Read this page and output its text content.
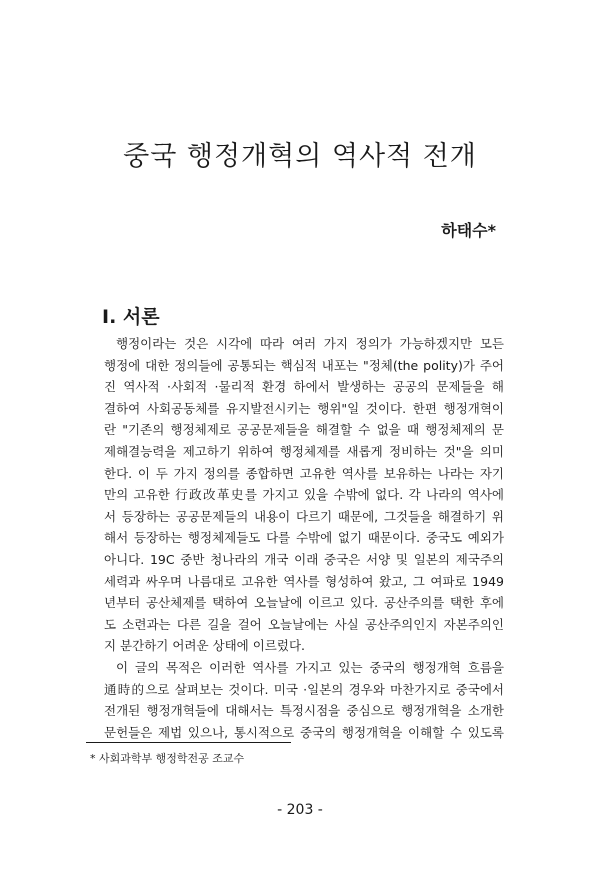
중국 행정개혁의 역사적 전개
하태수*
Ⅰ. 서론
행정이라는 것은 시각에 따라 여러 가지 정의가 가능하겠지만 모든
행정에 대한 정의들에 공통되는 핵심적 내포는 "정체(the polity)가 주어
진 역사적 ·사회적 ·물리적 환경 하에서 발생하는 공공의 문제들을 해
결하여 사회공동체를 유지발전시키는 행위"일 것이다. 한편 행정개혁이
란 "기존의 행정체제로 공공문제들을 해결할 수 없을 때 행정체제의 문
제해결능력을 제고하기 위하여 행정체제를 새롭게 정비하는 것"을 의미
한다. 이 두 가지 정의를 종합하면 고유한 역사를 보유하는 나라는 자기
만의 고유한 行政改革史를 가지고 있을 수밖에 없다. 각 나라의 역사에
서 등장하는 공공문제들의 내용이 다르기 때문에, 그것들을 해결하기 위
해서 등장하는 행정체제들도 다를 수밖에 없기 때문이다. 중국도 예외가
아니다. 19C 중반 청나라의 개국 이래 중국은 서양 및 일본의 제국주의
세력과 싸우며 나름대로 고유한 역사를 형성하여 왔고, 그 여파로 1949
년부터 공산체제를 택하여 오늘날에 이르고 있다. 공산주의를 택한 후에
도 소련과는 다른 길을 걸어 오늘날에는 사실 공산주의인지 자본주의인
지 분간하기 어려운 상태에 이르렀다.
이 글의 목적은 이러한 역사를 가지고 있는 중국의 행정개혁 흐름을
通時的으로 살펴보는 것이다. 미국 ·일본의 경우와 마찬가지로 중국에서
전개된 행정개혁들에 대해서는 특정시점을 중심으로 행정개혁을 소개한
문헌들은 제법 있으나, 통시적으로 중국의 행정개혁을 이해할 수 있도록
* 사회과학부 행정학전공 조교수
- 203 -
